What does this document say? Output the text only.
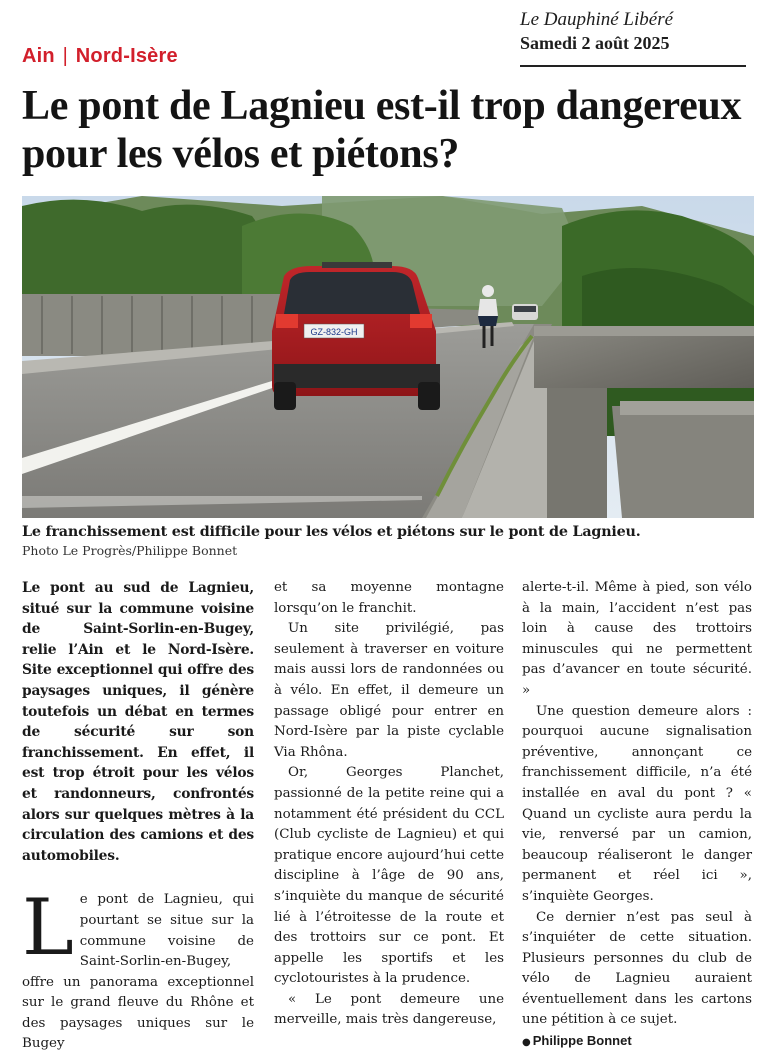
Le Dauphiné Libéré
Samedi 2 août 2025
Ain | Nord-Isère
Le pont de Lagnieu est-il trop dangereux pour les vélos et piétons?
GZ-832-GH
Le franchissement est difficile pour les vélos et piétons sur le pont de Lagnieu.
Photo Le Progrès/Philippe Bonnet

Le pont au sud de Lagnieu, situé sur la commune voisine de Saint-Sorlin-en-Bugey, relie l’Ain et le Nord-Isère. Site exceptionnel qui offre des paysages uniques, il génère toutefois un débat en termes de sécurité sur son franchissement. En effet, il est trop étroit pour les vélos et randonneurs, confrontés alors sur quelques mètres à la circulation des camions et des automobiles.

Le pont de Lagnieu, qui pourtant se situe sur la commune voisine de Saint-Sorlin-en-Bugey, offre un panorama exceptionnel sur le grand fleuve du Rhône et des paysages uniques sur le Bugey

et sa moyenne montagne lorsqu’on le franchit.

Un site privilégié, pas seulement à traverser en voiture mais aussi lors de randonnées ou à vélo. En effet, il demeure un passage obligé pour entrer en Nord-Isère par la piste cyclable Via Rhôna.

Or, Georges Planchet, passionné de la petite reine qui a notamment été président du CCL (Club cycliste de Lagnieu) et qui pratique encore aujourd’hui cette discipline à l’âge de 90 ans, s’inquiète du manque de sécurité lié à l’étroitesse de la route et des trottoirs sur ce pont. Et appelle les sportifs et les cyclotouristes à la prudence.

« Le pont demeure une merveille, mais très dangereuse,

alerte-t-il. Même à pied, son vélo à la main, l’accident n’est pas loin à cause des trottoirs minuscules qui ne permettent pas d’avancer en toute sécurité. »

Une question demeure alors : pourquoi aucune signalisation préventive, annonçant ce franchissement difficile, n’a été installée en aval du pont ? « Quand un cycliste aura perdu la vie, renversé par un camion, beaucoup réaliseront le danger permanent et réel ici », s’inquiète Georges.

Ce dernier n’est pas seul à s’inquiéter de cette situation. Plusieurs personnes du club de vélo de Lagnieu auraient éventuellement dans les cartons une pétition à ce sujet.

● Philippe Bonnet
